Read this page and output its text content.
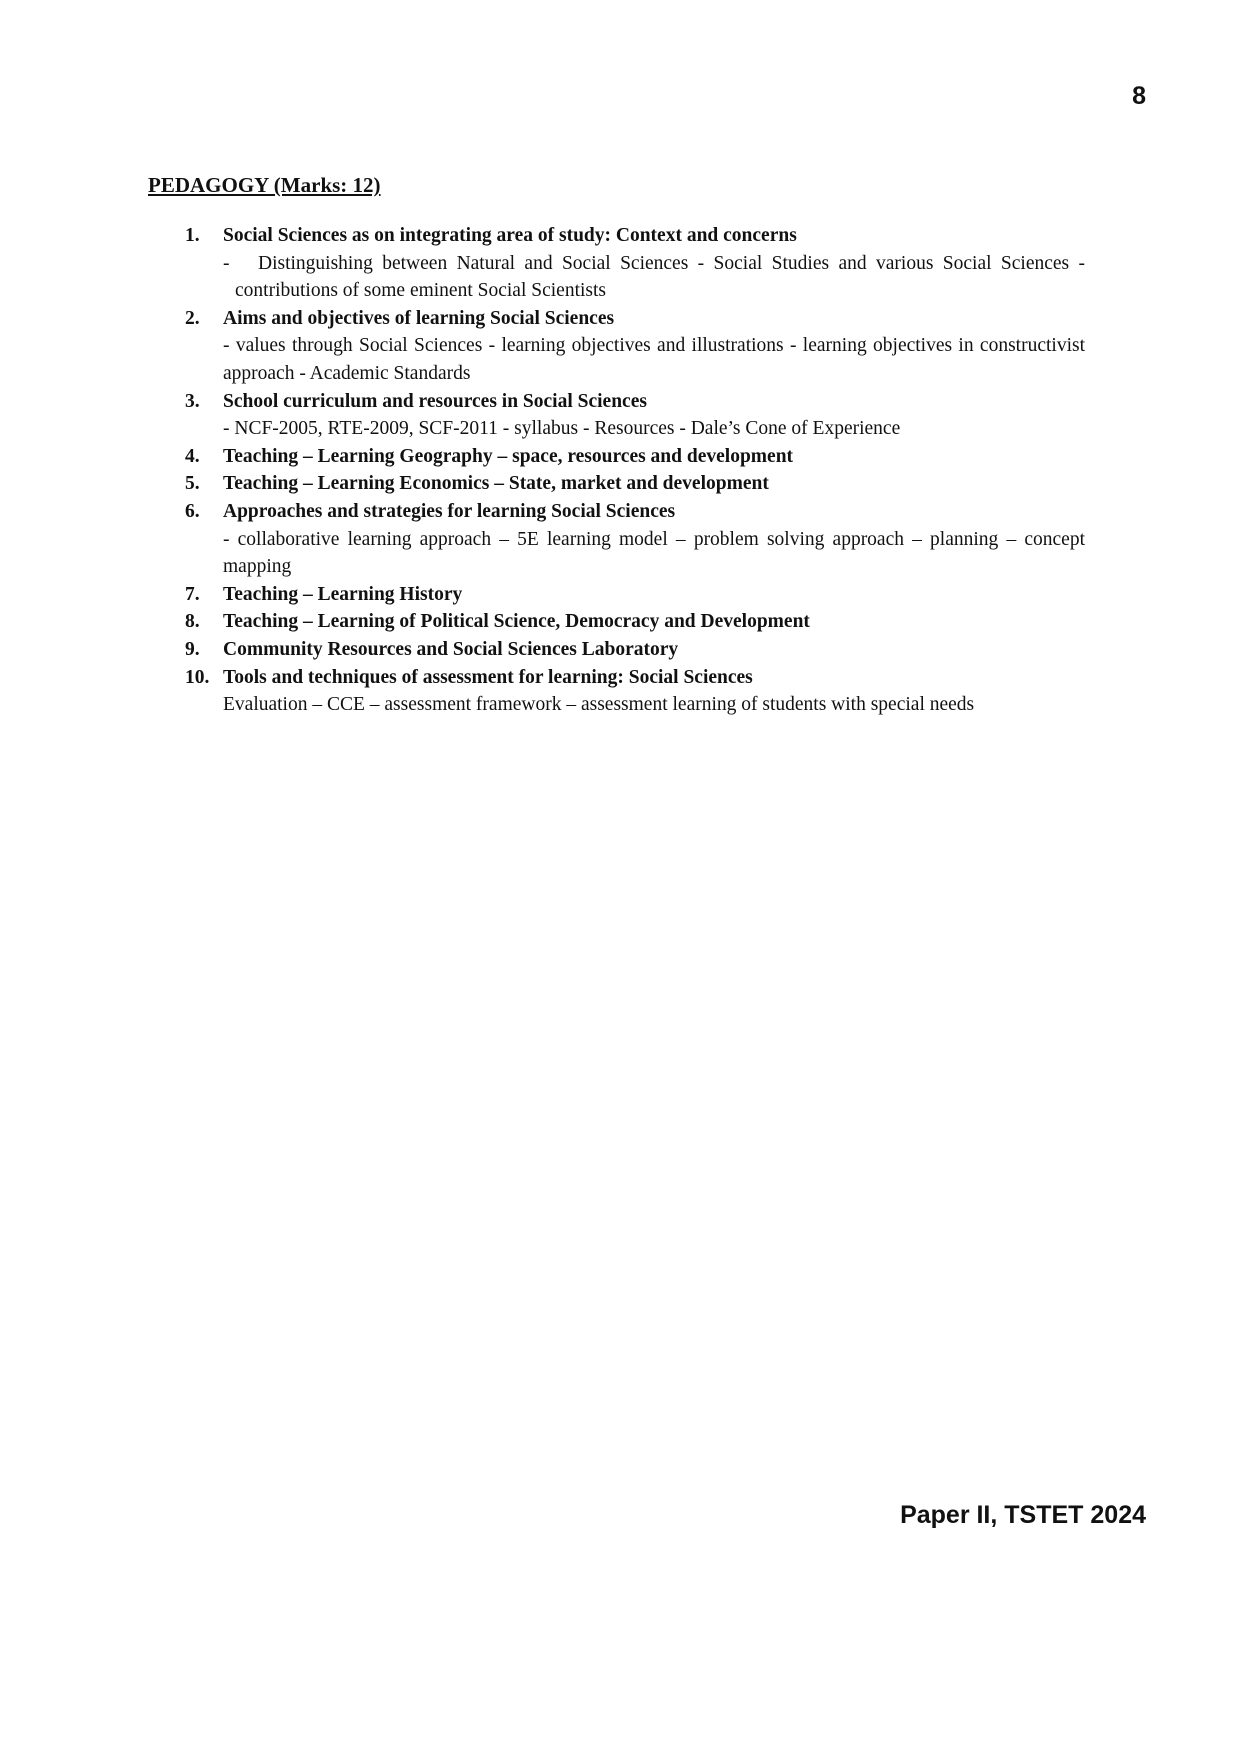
8
PEDAGOGY (Marks: 12)
1.	Social Sciences as on integrating area of study: Context and concerns
- Distinguishing between Natural and Social Sciences - Social Studies and various Social Sciences - contributions of some eminent Social Scientists
2.	Aims and objectives of learning Social Sciences
- values through Social Sciences - learning objectives and illustrations - learning objectives in constructivist approach - Academic Standards
3.	School curriculum and resources in Social Sciences
- NCF-2005, RTE-2009, SCF-2011 - syllabus - Resources - Dale’s Cone of Experience
4.	Teaching – Learning Geography – space, resources and development
5.	Teaching – Learning Economics – State, market and development
6.	Approaches and strategies for learning Social Sciences
- collaborative learning approach – 5E learning model – problem solving approach – planning – concept mapping
7.	Teaching – Learning History
8.	Teaching – Learning of Political Science, Democracy and Development
9.	Community Resources and Social Sciences Laboratory
10. Tools and techniques of assessment for learning: Social Sciences
Evaluation – CCE – assessment framework – assessment learning of students with special needs
Paper II, TSTET 2024
